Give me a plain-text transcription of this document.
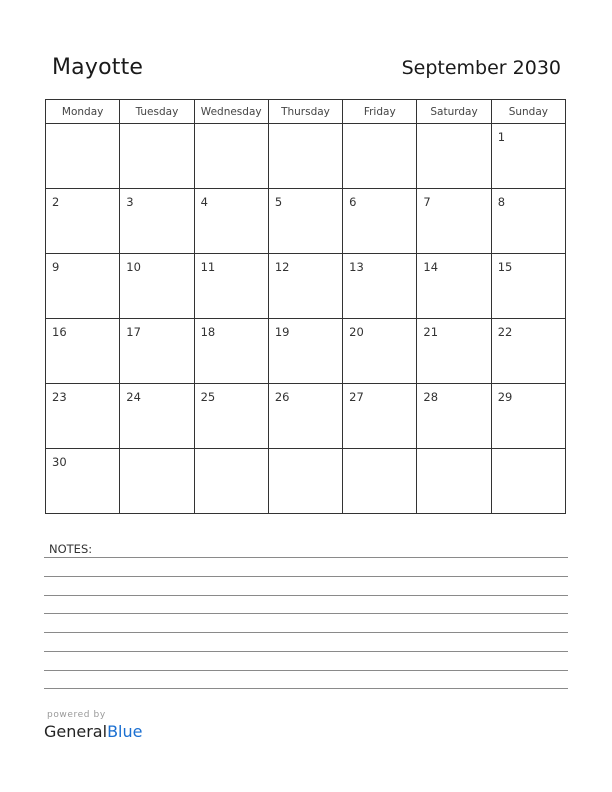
Mayotte	September 2030
Monday	Tuesday	Wednesday	Thursday	Friday	Saturday	Sunday

						1

2	3	4	5	6	7	8

9	10	11	12	13	14	15

16	17	18	19	20	21	22

23	24	25	26	27	28	29

30						

NOTES:
powered by
GeneralBlue
